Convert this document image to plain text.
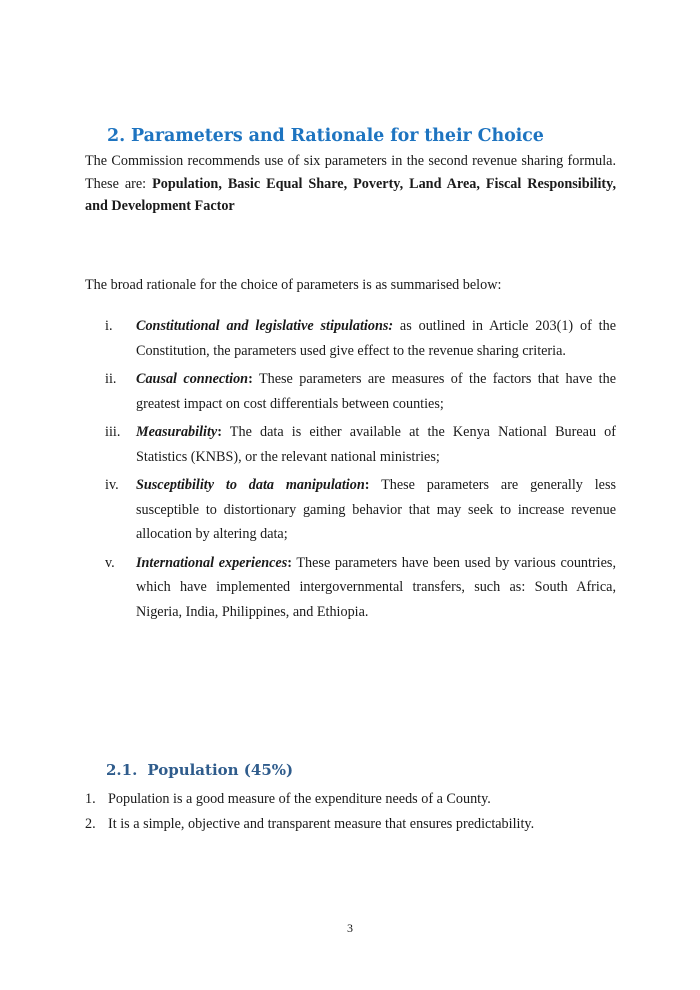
2. Parameters and Rationale for their Choice
The Commission recommends use of six parameters in the second revenue sharing formula. These are: Population, Basic Equal Share, Poverty, Land Area, Fiscal Responsibility, and Development Factor
The broad rationale for the choice of parameters is as summarised below:
i. Constitutional and legislative stipulations: as outlined in Article 203(1) of the Constitution, the parameters used give effect to the revenue sharing criteria.
ii. Causal connection: These parameters are measures of the factors that have the greatest impact on cost differentials between counties;
iii. Measurability: The data is either available at the Kenya National Bureau of Statistics (KNBS), or the relevant national ministries;
iv. Susceptibility to data manipulation: These parameters are generally less susceptible to distortionary gaming behavior that may seek to increase revenue allocation by altering data;
v. International experiences: These parameters have been used by various countries, which have implemented intergovernmental transfers, such as: South Africa, Nigeria, India, Philippines, and Ethiopia.
2.1. Population (45%)
1. Population is a good measure of the expenditure needs of a County.
2. It is a simple, objective and transparent measure that ensures predictability.
3
